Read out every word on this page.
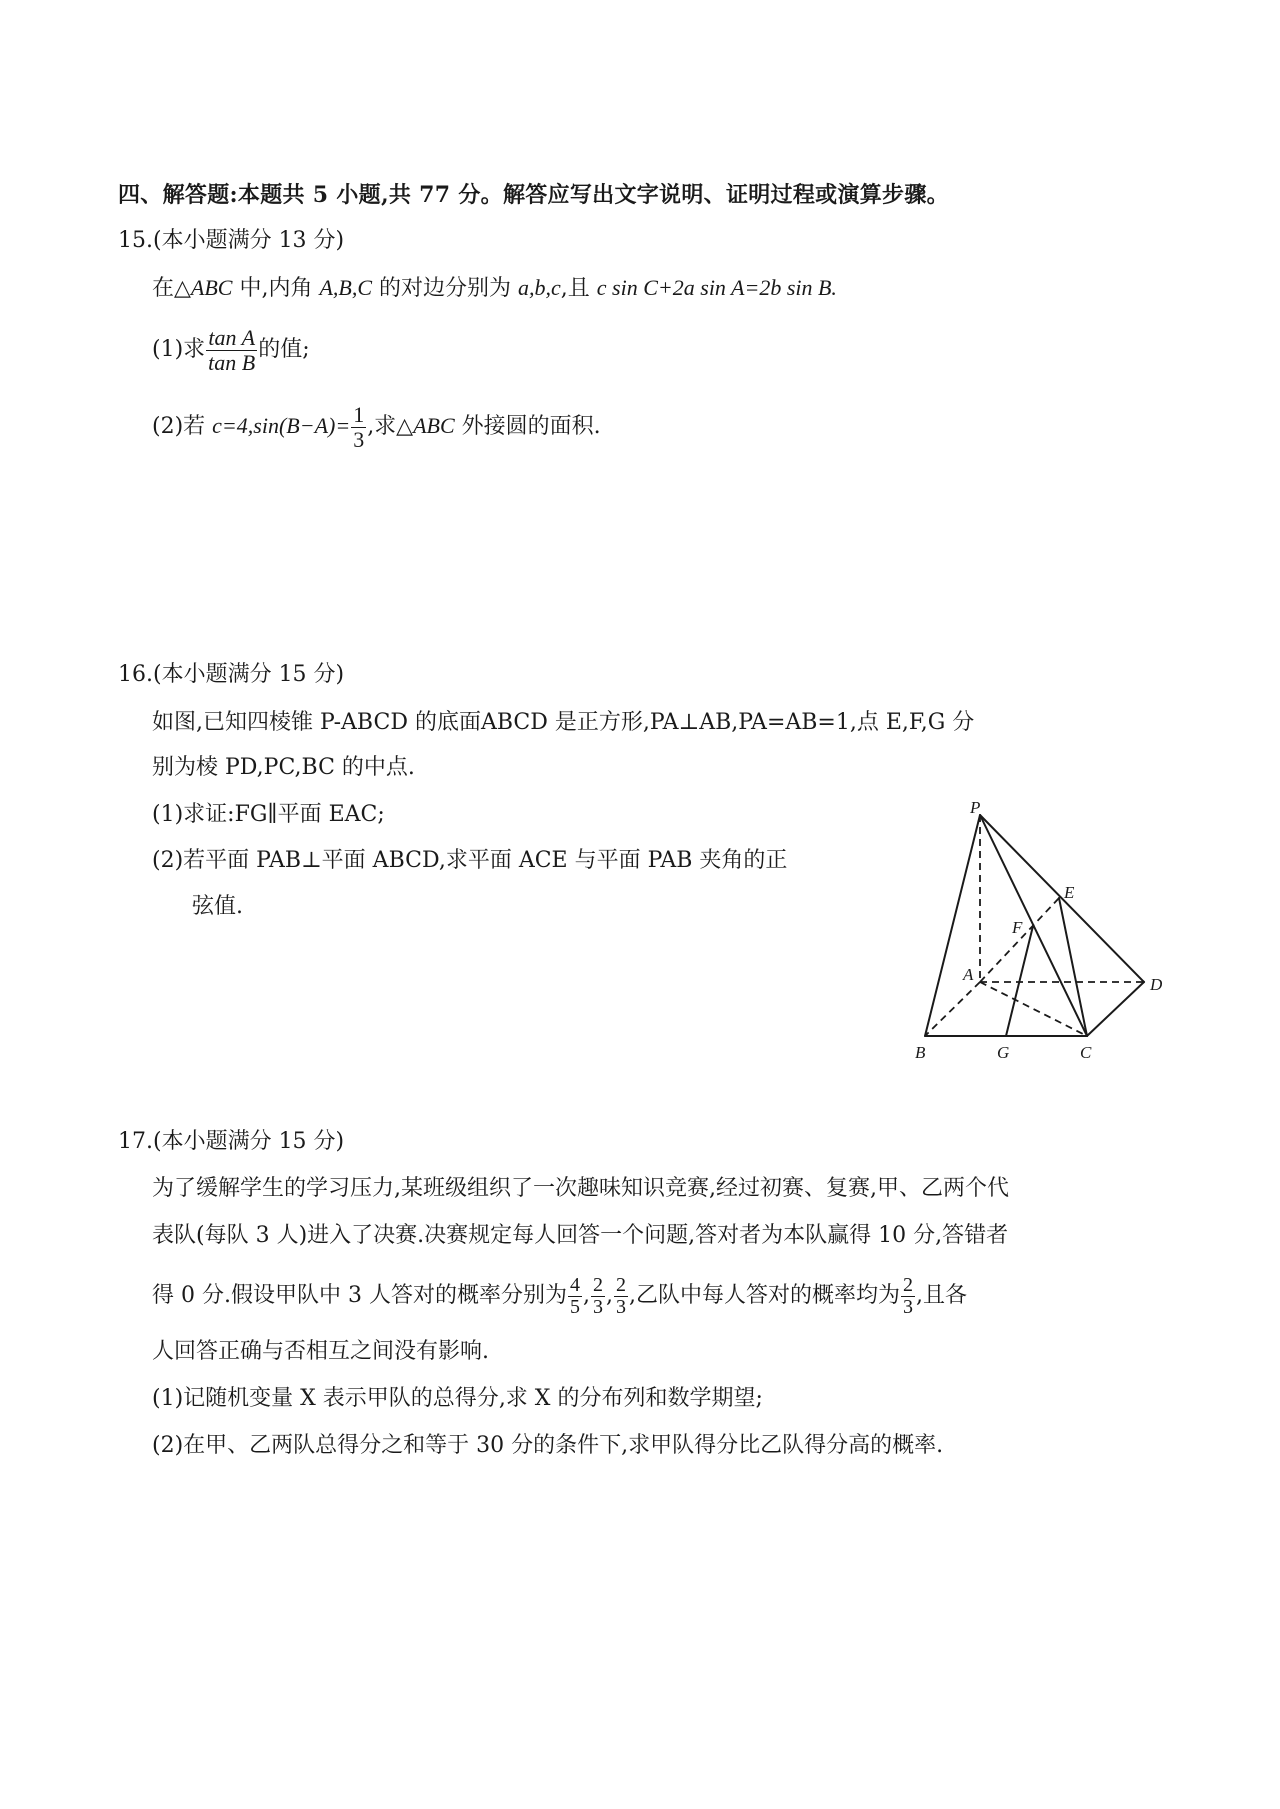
四、解答题:本题共 5 小题,共 77 分。解答应写出文字说明、证明过程或演算步骤。
15.(本小题满分 13 分)
在△ABC 中,内角 A,B,C 的对边分别为 a,b,c,且 c sin C+2a sin A=2b sin B.
(1)求 $\frac{\text{tan A}}{\text{tan B}}$ 的值;
(2)若 $c=4,\sin(B-A)= \frac{1}{3}$ ,求△ABC 外接圆的面积.
16.(本小题满分 15 分)
如图,已知四棱锥 P-ABCD 的底面ABCD 是正方形,PA⊥AB,PA=AB=1,点 E,F,G 分
别为棱 PD,PC,BC 的中点.
(1)求证:FG∥平面 EAC;
(2)若平面 PAB⊥平面 ABCD,求平面 ACE 与平面 PAB 夹角的正
弦值.
P
E
F
A
D
B	G	C
17.(本小题满分 15 分)
为了缓解学生的学习压力,某班级组织了一次趣味知识竞赛,经过初赛、复赛,甲、乙两个代
表队(每队 3 人)进入了决赛.决赛规定每人回答一个问题,答对者为本队赢得 10 分,答错者
得 0 分.假设甲队中 3 人答对的概率分别为 $\frac{4}{5}$ , $\frac{2}{3}$ , $\frac{2}{3}$ ,乙队中每人答对的概率均为 $\frac{2}{3}$ ,且各
人回答正确与否相互之间没有影响.
(1)记随机变量 X 表示甲队的总得分,求 X 的分布列和数学期望;
(2)在甲、乙两队总得分之和等于 30 分的条件下,求甲队得分比乙队得分高的概率.
